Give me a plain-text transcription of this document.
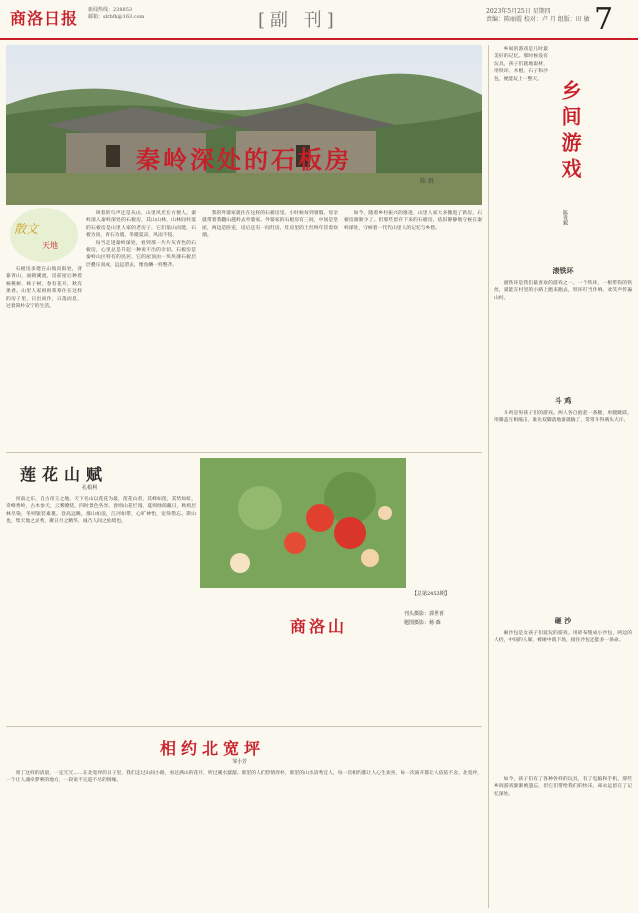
商洛日报 新闻热线：238853
邮箱：slrbfk@163.com	[副 刊]	2023年5月25日 星期四
责编：陈丽霞 校对：卢 月 组版：田 敏 7
秦岭深处的石板房
陈 群
散文
天地

叫着的鸟声还是从山，山里风光在方便人。秦岭深入秦岭深处的石板房，其山山林，山林间村落的石板房是山里人家的老房子，它们依山而建，石板为顶，青石为墙，冬暖夏凉，风雨不侵。

每当走进秦岭深处，看到那一片片灰青色的石板房，心里总是升起一种说不出的亲切。石板房是秦岭山区特有的民居，它的屋顶由一块块薄石板层层叠压而成，远远望去，像鱼鳞一样整齐。

石板房多建在山坡向阳处，背靠青山，面朝溪流，房前屋后种着核桃树、柿子树，春有花开，秋有果香。山里人家祖祖辈辈住在这样的房子里，日出而作，日落而息，过着简朴安宁的生活。

我的外婆家就住在这样的石板房里。小时候每到暑假，母亲就带着我翻山越岭去外婆家。外婆家的石板房有三间，中间是堂屋，两边是卧室，房后还有一间灶房，灶房里的土灶终年冒着炊烟。

如今，随着乡村振兴的推进，山里人家大多搬进了新房，石板房渐渐少了。但那些留存下来的石板房，依旧静静地守候在秦岭深处，守候着一代代山里人的记忆与乡愁。

莲花山赋
孔根利

河南之东，自古帝王之地，天下名山以莲花为最，莲花山者，其峰如莲，其势如虹，奇峰秀岭，古木参天，云雾缭绕，四时景色各异。春则山花烂漫，夏则绿荫蔽日，秋则层林尽染，冬则银装素裹。登高远眺，群山如浪，江河如带，心旷神怡，宠辱偕忘。斯山也，集天地之灵秀，聚日月之精华，诚乃人间之仙境也。

【总第2453期】
商洛山
刊头摄影：郭世喜
题图摄影：杨 森
相约北宽坪
邹小芳

周丁这样的清晨，一定冗冗……在北宽坪的日子里，我们走过山间小路，看过满山的花开，听过溪水潺潺。那里的人们热情淳朴，那里的山水清秀宜人，每一次相约都让人心生欢喜，每一次离开都让人依依不舍。北宽坪，一个让人魂牵梦萦的地方，一段说不完道不尽的情缘。

乡间的游戏是儿时最美好的记忆。那时候没有玩具，孩子们就地取材，用铁环、木棍、石子和沙包，便能玩上一整天。

乡间游戏
陈贵毅
滚铁环

滚铁环是我们最喜欢的游戏之一。一个铁环，一根带钩的铁丝，就能在村里的小路上跑来跑去，铁环叮当作响，欢笑声传遍山村。

斗 鸡

斗鸡是男孩子们的游戏。两人各自抱起一条腿，单腿跳跃，用膝盖互相撞击，谁先双脚落地谁就输了，常常斗得满头大汗。

砸 沙

砸沙包是女孩子们爱玩的游戏。用碎布缝成小沙包，两边的人扔，中间的人躲，被砸中就下场，接住沙包还能多一条命。

如今，孩子们有了各种各样的玩具，有了电脑和手机，那些乡间游戏渐渐被遗忘，但它们带给我们的快乐，却永远留在了记忆深处。
